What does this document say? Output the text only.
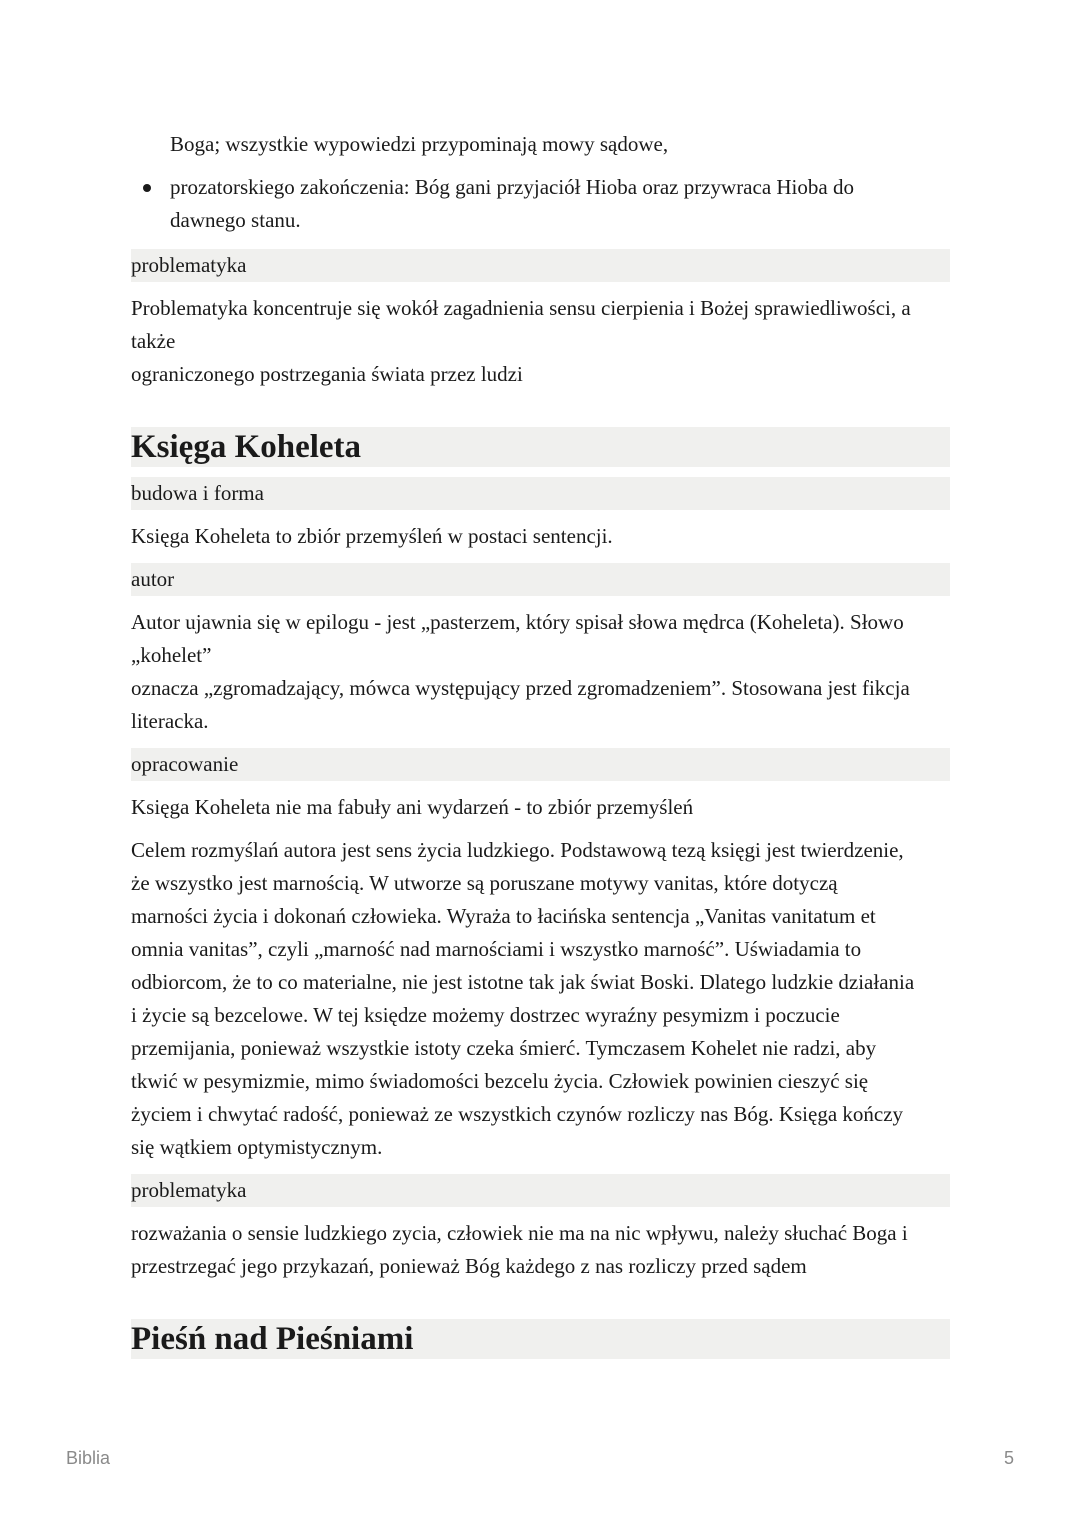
Boga; wszystkie wypowiedzi przypominają mowy sądowe,
prozatorskiego zakończenia: Bóg gani przyjaciół Hioba oraz przywraca Hioba do
dawnego stanu.
problematyka
Problematyka koncentruje się wokół zagadnienia sensu cierpienia i Bożej sprawiedliwości, a
także
ograniczonego postrzegania świata przez ludzi
Księga Koheleta
budowa i forma
Księga Koheleta to zbiór przemyśleń w postaci sentencji.
autor
Autor ujawnia się w epilogu - jest „pasterzem, który spisał słowa mędrca (Koheleta). Słowo
„kohelet”
oznacza „zgromadzający, mówca występujący przed zgromadzeniem”. Stosowana jest fikcja
literacka.
opracowanie
Księga Koheleta nie ma fabuły ani wydarzeń - to zbiór przemyśleń
Celem rozmyślań autora jest sens życia ludzkiego. Podstawową tezą księgi jest twierdzenie,
że wszystko jest marnością. W utworze są poruszane motywy vanitas, które dotyczą
marności życia i dokonań człowieka. Wyraża to łacińska sentencja „Vanitas vanitatum et
omnia vanitas”, czyli „marność nad marnościami i wszystko marność”. Uświadamia to
odbiorcom, że to co materialne, nie jest istotne tak jak świat Boski. Dlatego ludzkie działania
i życie są bezcelowe. W tej księdze możemy dostrzec wyraźny pesymizm i poczucie
przemijania, ponieważ wszystkie istoty czeka śmierć. Tymczasem Kohelet nie radzi, aby
tkwić w pesymizmie, mimo świadomości bezcelu życia. Człowiek powinien cieszyć się
życiem i chwytać radość, ponieważ ze wszystkich czynów rozliczy nas Bóg. Księga kończy
się wątkiem optymistycznym.
problematyka
rozważania o sensie ludzkiego zycia, człowiek nie ma na nic wpływu, należy słuchać Boga i
przestrzegać jego przykazań, ponieważ Bóg każdego z nas rozliczy przed sądem
Pieśń nad Pieśniami
Biblia	5
